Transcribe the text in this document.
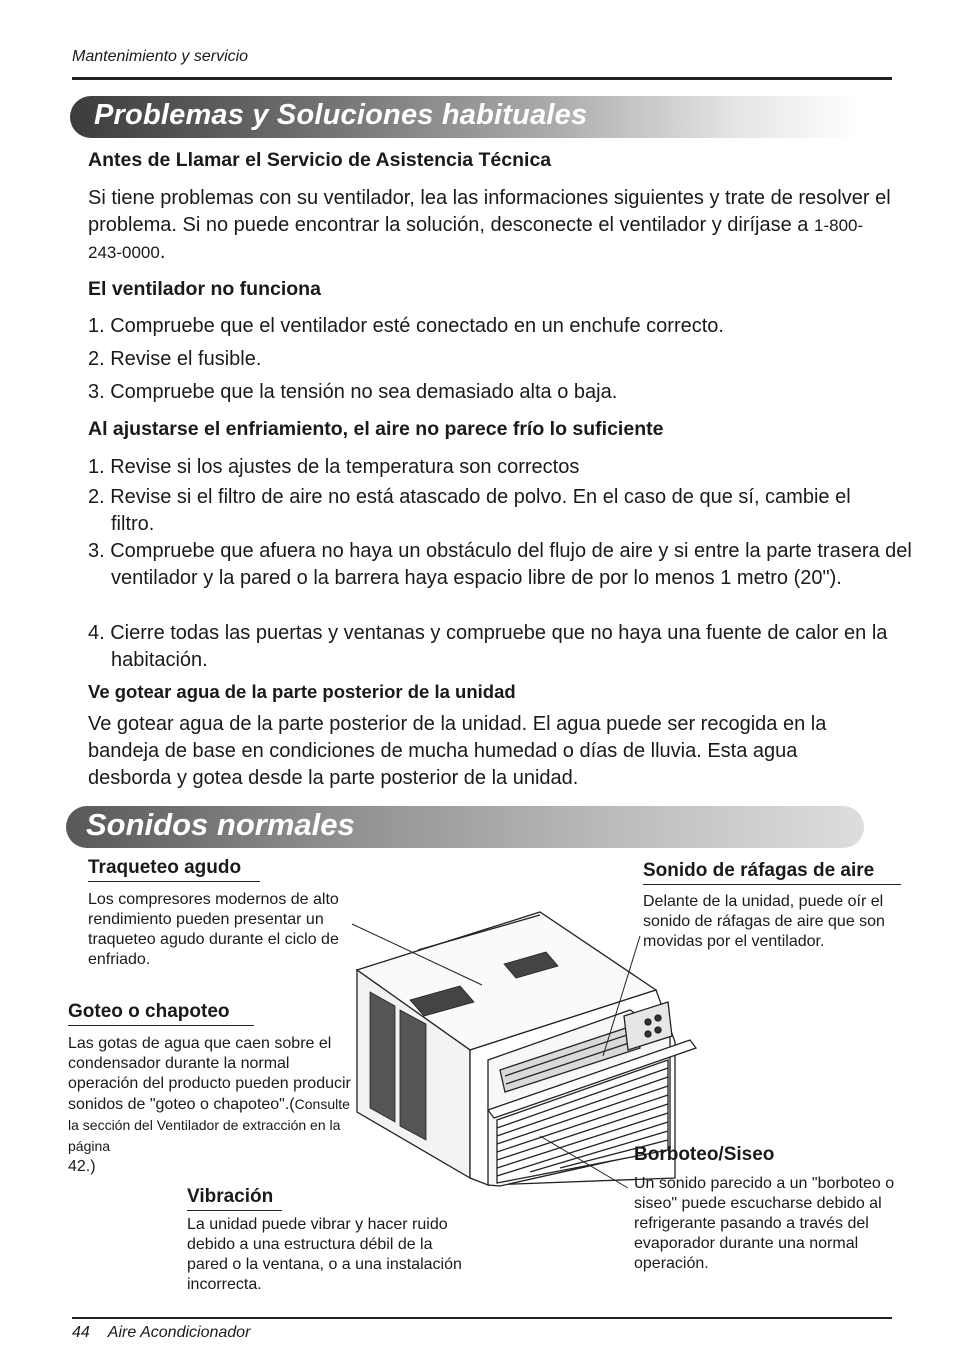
Mantenimiento y servicio
Problemas y Soluciones habituales
Antes de Llamar el Servicio de Asistencia Técnica
Si tiene problemas con su ventilador, lea las informaciones siguientes y trate de resolver el problema. Si no puede encontrar la solución, desconecte el ventilador y diríjase a 1-800-243-0000.
El ventilador no funciona
1. Compruebe que el ventilador esté conectado en un enchufe correcto.
2. Revise el fusible.
3. Compruebe que la tensión no sea demasiado alta o baja.
Al ajustarse el enfriamiento, el aire no parece frío lo suficiente
1. Revise si los ajustes de la temperatura son correctos
2. Revise si el filtro de aire no está atascado de polvo. En el caso de que sí, cambie el filtro.
3. Compruebe que afuera no haya un obstáculo del flujo de aire y si entre la parte trasera del ventilador y la pared o la barrera haya espacio libre de por lo menos 1 metro (20").
4. Cierre todas las puertas y ventanas y compruebe que no haya una fuente de calor en la habitación.
Ve gotear agua de la parte posterior de la unidad
Ve gotear agua de la parte posterior de la unidad. El agua puede ser recogida en la bandeja de base en condiciones de mucha humedad o días de lluvia. Esta agua desborda y gotea desde la parte posterior de la unidad.
Sonidos normales
Traqueteo agudo
Los compresores modernos de alto rendimiento pueden presentar un traqueteo agudo durante el ciclo de enfriado.
Sonido de ráfagas de aire
Delante de la unidad, puede oír el sonido de ráfagas de aire que son movidas por el ventilador.
Goteo o chapoteo
Las gotas de agua que caen sobre el condensador durante la normal operación del producto pueden producir sonidos de "goteo o chapoteo".(Consulte la sección del Ventilador de extracción en la página
42.)
Borboteo/Siseo
Un sonido parecido a un "borboteo o siseo" puede escucharse debido al refrigerante pasando a través del evaporador durante una normal operación.
Vibración
La unidad puede vibrar y hacer ruido debido a una estructura débil de la pared o la ventana, o a una instalación incorrecta.
44 Aire Acondicionador
